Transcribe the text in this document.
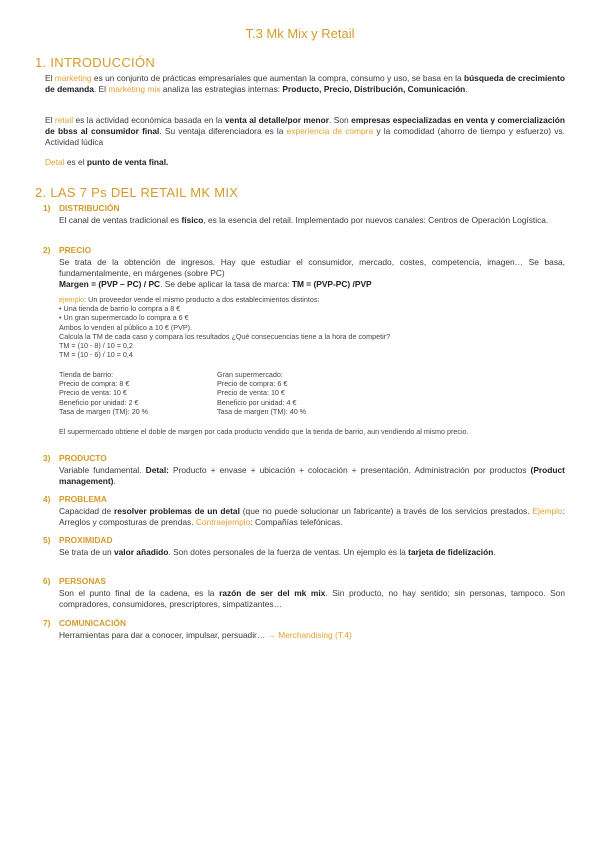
T.3 Mk Mix y Retail
1. INTRODUCCIÓN
El marketing es un conjunto de prácticas empresariales que aumentan la compra, consumo y uso, se basa en la búsqueda de crecimiento de demanda. El marketing mix analiza las estrategias internas: Producto, Precio, Distribución, Comunicación.
El retail es la actividad económica basada en la venta al detalle/por menor. Son empresas especializadas en venta y comercialización de bbss al consumidor final. Su ventaja diferenciadora es la experiencia de compra y la comodidad (ahorro de tiempo y esfuerzo) vs. Actividad lúdica
Detal es el punto de venta final.
2. LAS 7 Ps DEL RETAIL MK MIX
1) DISTRIBUCIÓN
El canal de ventas tradicional es físico, es la esencia del retail. Implementado por nuevos canales: Centros de Operación Logística.
2) PRECIO
Se trata de la obtención de ingresos. Hay que estudiar el consumidor, mercado, costes, competencia, imagen… Se basa, fundamentalmente, en márgenes (sobre PC)
Margen = (PVP – PC) / PC. Se debe aplicar la tasa de marca: TM = (PVP-PC) /PVP
ejemplo: Un proveedor vende el mismo producto a dos establecimientos distintos:
• Una tienda de barrio lo compra a 8 €
• Un gran supermercado lo compra a 6 €
Ambos lo venden al público a 10 € (PVP).
Calcula la TM de cada caso y compara los resultados ¿Qué consecuencias tiene a la hora de competir?
TM = (10 - 8) / 10 = 0,2
TM = (10 - 6) / 10 = 0,4
Tienda de barrio:
Precio de compra: 8 €
Precio de venta: 10 €
Beneficio por unidad: 2 €
Tasa de margen (TM): 20 %
Gran supermercado:
Precio de compra: 6 €
Precio de venta: 10 €
Beneficio por unidad: 4 €
Tasa de margen (TM): 40 %
El supermercado obtiene el doble de margen por cada producto vendido que la tienda de barrio, aun vendiendo al mismo precio.
3) PRODUCTO
Variable fundamental. Detal: Producto + envase + ubicación + colocación + presentación. Administración por productos (Product management).
4) PROBLEMA
Capacidad de resolver problemas de un detal (que no puede solucionar un fabricante) a través de los servicios prestados. Ejemplo: Arreglos y composturas de prendas. Contraejemplo: Compañías telefónicas.
5) PROXIMIDAD
Se trata de un valor añadido. Son dotes personales de la fuerza de ventas. Un ejemplo es la tarjeta de fidelización.
6) PERSONAS
Son el punto final de la cadena, es la razón de ser del mk mix. Sin producto, no hay sentido; sin personas, tampoco. Son compradores, consumidores, prescriptores, simpatizantes…
7) COMUNICACIÓN
Herramientas para dar a conocer, impulsar, persuadir… → Merchandising (T.4)
